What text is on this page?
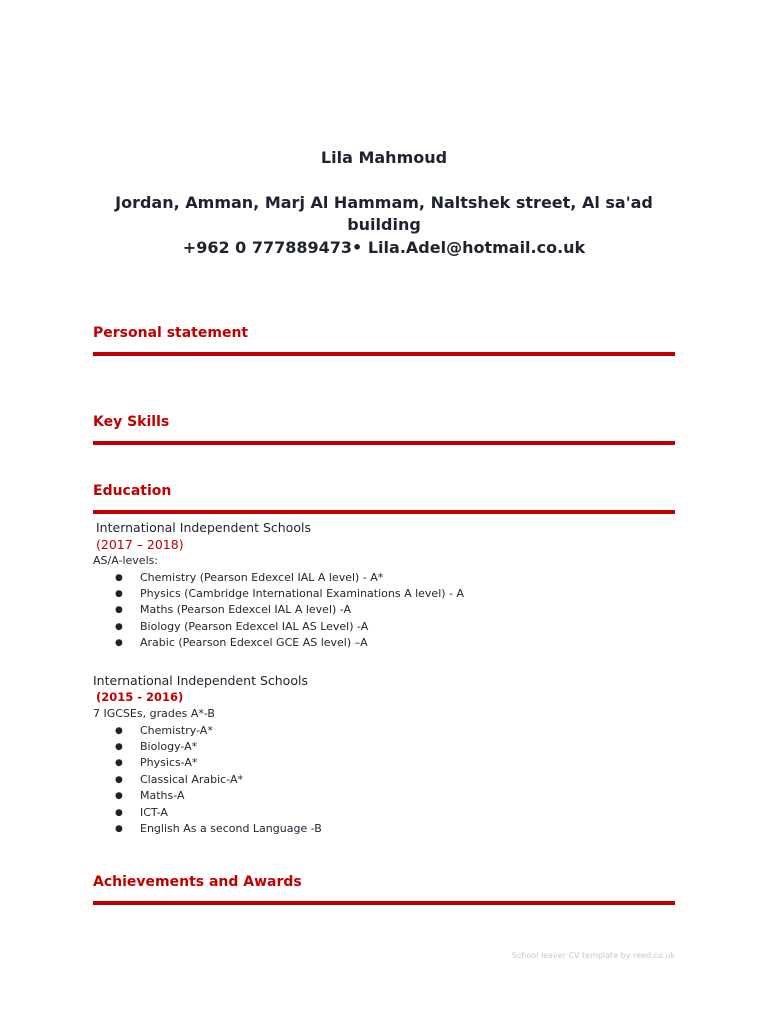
Lila Mahmoud
Jordan, Amman, Marj Al Hammam, Naltshek street, Al sa'ad
building
+962 0 777889473• Lila.Adel@hotmail.co.uk
Personal statement
Key Skills
Education
International Independent Schools
(2017 – 2018)
AS/A-levels:
● Chemistry (Pearson Edexcel IAL A level) - A*
● Physics (Cambridge International Examinations A level) - A
● Maths (Pearson Edexcel IAL A level) -A
● Biology (Pearson Edexcel IAL AS Level) -A
● Arabic (Pearson Edexcel GCE AS level) –A
International Independent Schools
(2015 - 2016)
7 IGCSEs, grades A*-B
● Chemistry-A*
● Biology-A*
● Physics-A*
● Classical Arabic-A*
● Maths-A
● ICT-A
● English As a second Language -B
Achievements and Awards
School leaver CV template by reed.co.uk
